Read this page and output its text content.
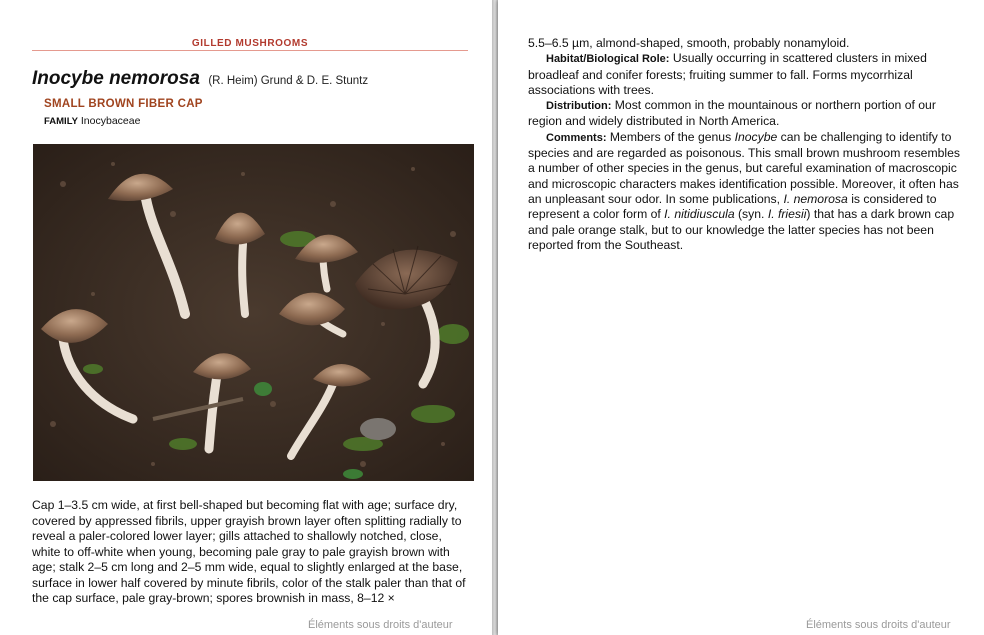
GILLED MUSHROOMS
Inocybe nemorosa (R. Heim) Grund & D. E. Stuntz
SMALL BROWN FIBER CAP
FAMILY Inocybaceae
Cap 1–3.5 cm wide, at first bell-shaped but becoming flat with age; surface dry, covered by appressed fibrils, upper grayish brown layer often splitting radially to reveal a paler-colored lower layer; gills attached to shallowly notched, close, white to off-white when young, becoming pale gray to pale grayish brown with age; stalk 2–5 cm long and 2–5 mm wide, equal to slightly enlarged at the base, surface in lower half covered by minute fibrils, color of the stalk paler than that of the cap surface, pale gray-brown; spores brownish in mass, 8–12 ×
Éléments sous droits d'auteur

5.5–6.5 µm, almond-shaped, smooth, probably nonamyloid.

Habitat/Biological Role: Usually occurring in scattered clusters in mixed broadleaf and conifer forests; fruiting summer to fall. Forms mycorrhizal associations with trees.

Distribution: Most common in the mountainous or northern portion of our region and widely distributed in North America.

Comments: Members of the genus Inocybe can be challenging to identify to species and are regarded as poisonous. This small brown mushroom resembles a number of other species in the genus, but careful examination of macroscopic and microscopic characters makes identification possible. Moreover, it often has an unpleasant sour odor. In some publications, I. nemorosa is considered to represent a color form of I. nitidiuscula (syn. I. friesii) that has a dark brown cap and pale orange stalk, but to our knowledge the latter species has not been reported from the Southeast.

Éléments sous droits d'auteur
